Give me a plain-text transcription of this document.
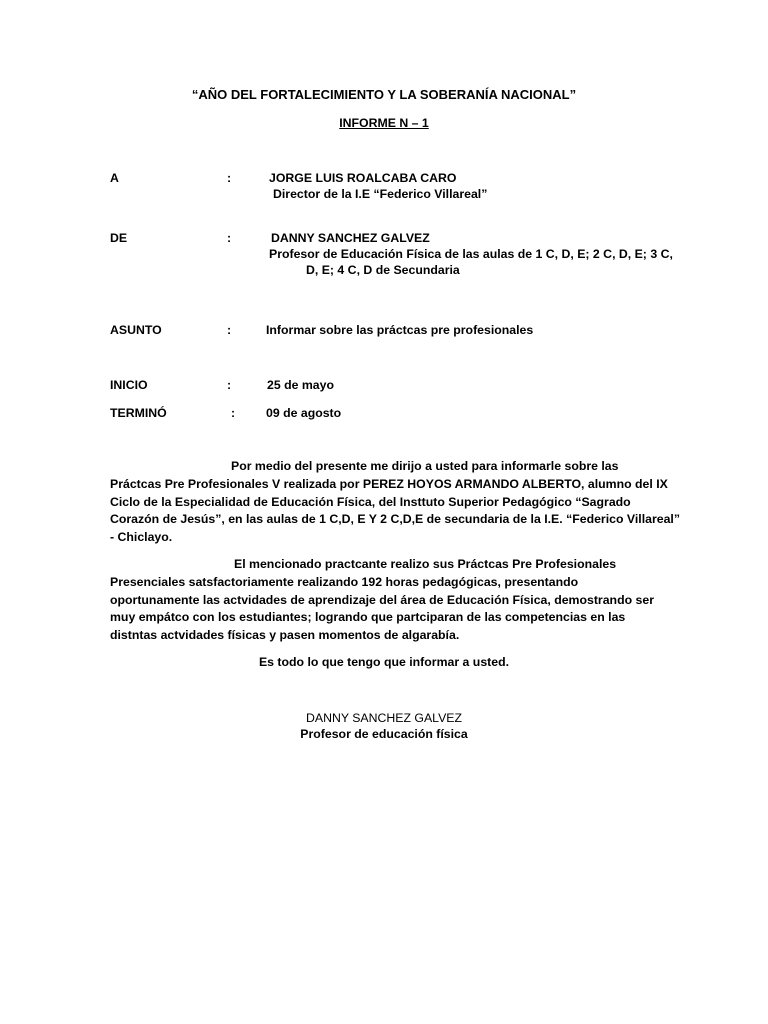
“AÑO DEL FORTALECIMIENTO Y LA SOBERANÍA NACIONAL”
INFORME N – 1
A	:	JORGE LUIS ROALCABA CARO
Director de la I.E “Federico Villareal”
DE	:	DANNY SANCHEZ GALVEZ
Profesor de Educación Física de las aulas de 1 C, D, E; 2 C, D, E; 3 C,
D, E; 4 C, D de Secundaria
ASUNTO	:	Informar sobre las práctcas pre profesionales
INICIO	:	25 de mayo
TERMINÓ	:	09 de agosto
Por medio del presente me dirijo a usted para informarle sobre las
Práctcas Pre Profesionales V realizada por PEREZ HOYOS ARMANDO ALBERTO, alumno del IX
Ciclo de la Especialidad de Educación Física, del Insttuto Superior Pedagógico “Sagrado
Corazón de Jesús”, en las aulas de 1 C,D, E Y 2 C,D,E de secundaria de la I.E. “Federico Villareal”
- Chiclayo.
El mencionado practcante realizo sus Práctcas Pre Profesionales
Presenciales satsfactoriamente realizando 192 horas pedagógicas, presentando
oportunamente las actvidades de aprendizaje del área de Educación Física, demostrando ser
muy empátco con los estudiantes; logrando que partciparan de las competencias en las
distntas actvidades físicas y pasen momentos de algarabía.
Es todo lo que tengo que informar a usted.
DANNY SANCHEZ GALVEZ
Profesor de educación física
